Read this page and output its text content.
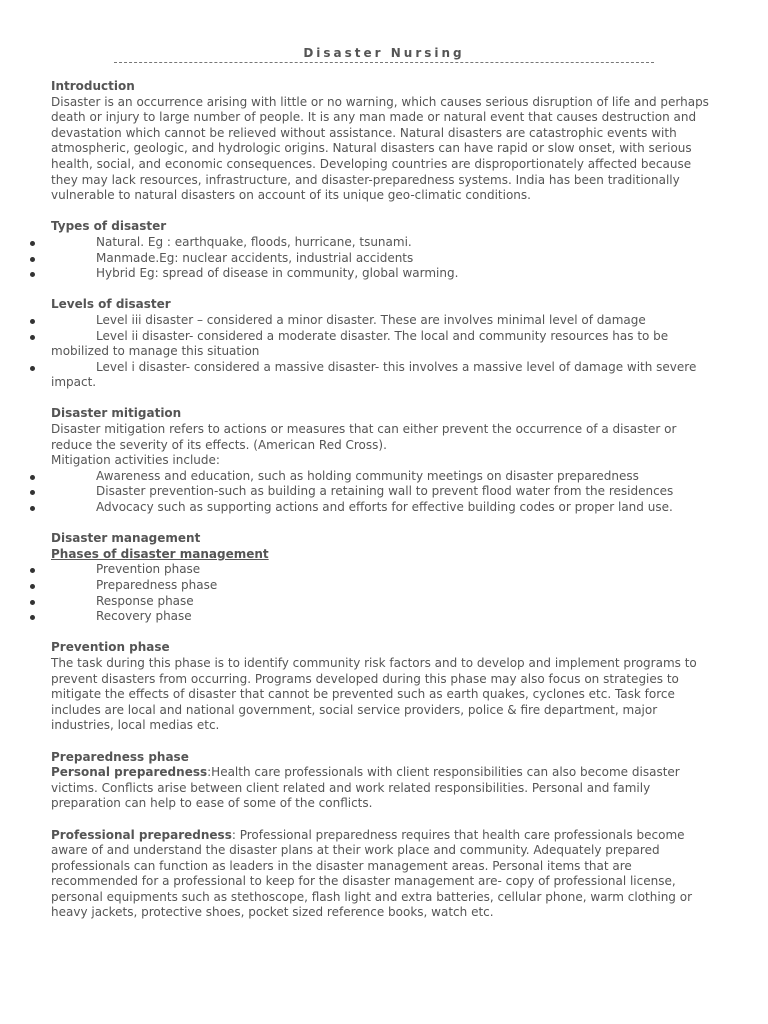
Disaster Nursing

Introduction

Disaster is an occurrence arising with little or no warning, which causes serious disruption of life and perhaps death or injury to large number of people. It is any man made or natural event that causes destruction and devastation which cannot be relieved without assistance. Natural disasters are catastrophic events with atmospheric, geologic, and hydrologic origins. Natural disasters can have rapid or slow onset, with serious health, social, and economic consequences. Developing countries are disproportionately affected because they may lack resources, infrastructure, and disaster-preparedness systems. India has been traditionally vulnerable to natural disasters on account of its unique geo-climatic conditions.

Types of disaster

Natural. Eg : earthquake, floods, hurricane, tsunami.
Manmade.Eg: nuclear accidents, industrial accidents
Hybrid Eg: spread of disease in community, global warming.

Levels of disaster

Level iii disaster – considered a minor disaster. These are involves minimal level of damage
Level ii disaster- considered a moderate disaster. The local and community resources has to be mobilized to manage this situation
Level i disaster- considered a massive disaster- this involves a massive level of damage with severe impact.

Disaster mitigation

Disaster mitigation refers to actions or measures that can either prevent the occurrence of a disaster or reduce the severity of its effects. (American Red Cross).

Mitigation activities include:

Awareness and education, such as holding community meetings on disaster preparedness
Disaster prevention-such as building a retaining wall to prevent flood water from the residences
Advocacy such as supporting actions and efforts for effective building codes or proper land use.

Disaster management

Phases of disaster management

Prevention phase
Preparedness phase
Response phase
Recovery phase

Prevention phase

The task during this phase is to identify community risk factors and to develop and implement programs to prevent disasters from occurring. Programs developed during this phase may also focus on strategies to mitigate the effects of disaster that cannot be prevented such as earth quakes, cyclones etc. Task force includes are local and national government, social service providers, police & fire department, major industries, local medias etc.

Preparedness phase

Personal preparedness:Health care professionals with client responsibilities can also become disaster victims. Conflicts arise between client related and work related responsibilities. Personal and family preparation can help to ease of some of the conflicts.

Professional preparedness: Professional preparedness requires that health care professionals become aware of and understand the disaster plans at their work place and community. Adequately prepared professionals can function as leaders in the disaster management areas. Personal items that are recommended for a professional to keep for the disaster management are- copy of professional license, personal equipments such as stethoscope, flash light and extra batteries, cellular phone, warm clothing or heavy jackets, protective shoes, pocket sized reference books, watch etc.
